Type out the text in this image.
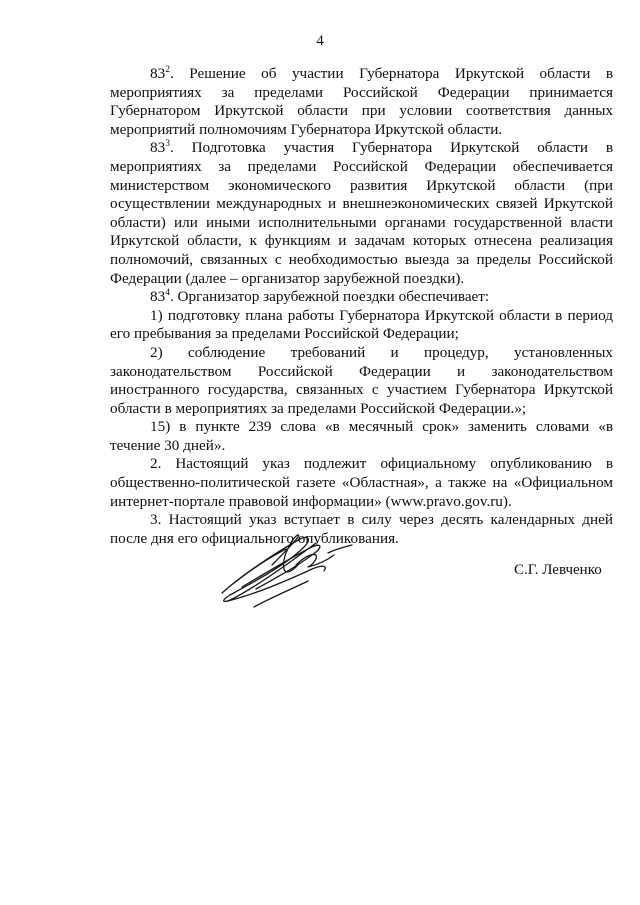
4

$83^2$. Решение об участии Губернатора Иркутской области в мероприятиях за пределами Российской Федерации принимается Губернатором Иркутской области при условии соответствия данных мероприятий полномочиям Губернатора Иркутской области.

$83^3$. Подготовка участия Губернатора Иркутской области в мероприятиях за пределами Российской Федерации обеспечивается министерством экономического развития Иркутской области (при осуществлении международных и внешнеэкономических связей Иркутской области) или иными исполнительными органами государственной власти Иркутской области, к функциям и задачам которых отнесена реализация полномочий, связанных с необходимостью выезда за пределы Российской Федерации (далее – организатор зарубежной поездки).

$83^4$. Организатор зарубежной поездки обеспечивает:

1) подготовку плана работы Губернатора Иркутской области в период его пребывания за пределами Российской Федерации;

2) соблюдение требований и процедур, установленных законодательством Российской Федерации и законодательством иностранного государства, связанных с участием Губернатора Иркутской области в мероприятиях за пределами Российской Федерации.»;

15) в пункте 239 слова «в месячный срок» заменить словами «в течение 30 дней».

2. Настоящий указ подлежит официальному опубликованию в общественно-политической газете «Областная», а также на «Официальном интернет-портале правовой информации» (www.pravo.gov.ru).

3. Настоящий указ вступает в силу через десять календарных дней после дня его официального опубликования.

С.Г. Левченко
